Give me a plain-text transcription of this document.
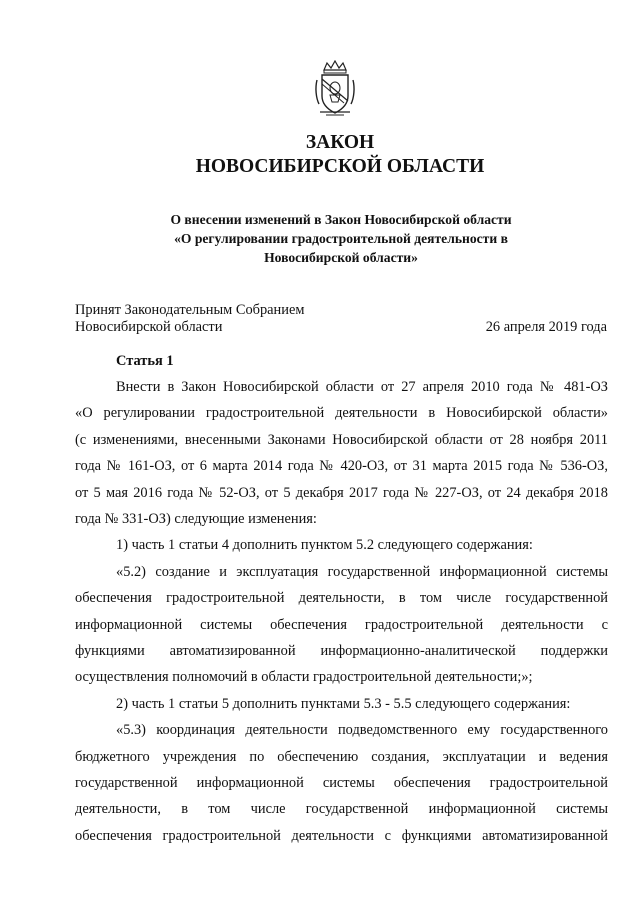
ЗАКОН
НОВОСИБИРСКОЙ ОБЛАСТИ
О внесении изменений в Закон Новосибирской области
«О регулировании градостроительной деятельности в
Новосибирской области»
Принят Законодательным Собранием
Новосибирской области	26 апреля 2019 года
Статья 1
Внести в Закон Новосибирской области от 27 апреля 2010 года № 481-ОЗ
«О регулировании градостроительной деятельности в Новосибирской области»
(с изменениями, внесенными Законами Новосибирской области от 28 ноября 2011
года № 161-ОЗ, от 6 марта 2014 года № 420-ОЗ, от 31 марта 2015 года № 536-ОЗ,
от 5 мая 2016 года № 52-ОЗ, от 5 декабря 2017 года № 227-ОЗ, от 24 декабря 2018
года № 331-ОЗ) следующие изменения:
1) часть 1 статьи 4 дополнить пунктом 5.2 следующего содержания:
«5.2) создание и эксплуатация государственной информационной системы
обеспечения градостроительной деятельности, в том числе государственной
информационной системы обеспечения градостроительной деятельности с
функциями автоматизированной информационно-аналитической поддержки
осуществления полномочий в области градостроительной деятельности;»;
2) часть 1 статьи 5 дополнить пунктами 5.3 - 5.5 следующего содержания:
«5.3) координация деятельности подведомственного ему государственного
бюджетного учреждения по обеспечению создания, эксплуатации и ведения
государственной информационной системы обеспечения градостроительной
деятельности, в том числе государственной информационной системы
обеспечения градостроительной деятельности с функциями автоматизированной
